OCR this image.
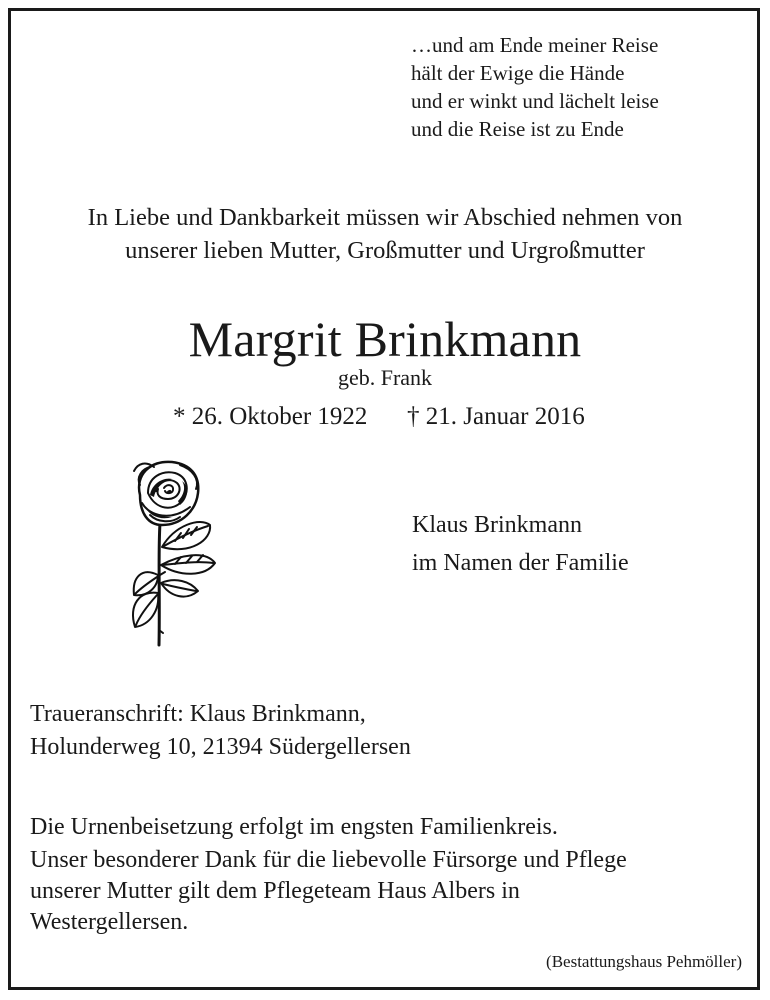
…und am Ende meiner Reise
hält der Ewige die Hände
und er winkt und lächelt leise
und die Reise ist zu Ende
In Liebe und Dankbarkeit müssen wir Abschied nehmen von
unserer lieben Mutter, Großmutter und Urgroßmutter
Margrit Brinkmann
geb. Frank
* 26. Oktober 1922 † 21. Januar 2016
Klaus Brinkmann
im Namen der Familie
Traueranschrift: Klaus Brinkmann,
Holunderweg 10, 21394 Südergellersen
Die Urnenbeisetzung erfolgt im engsten Familienkreis.
Unser besonderer Dank für die liebevolle Fürsorge und Pflege
unserer Mutter gilt dem Pflegeteam Haus Albers in
Westergellersen.
(Bestattungshaus Pehmöller)
